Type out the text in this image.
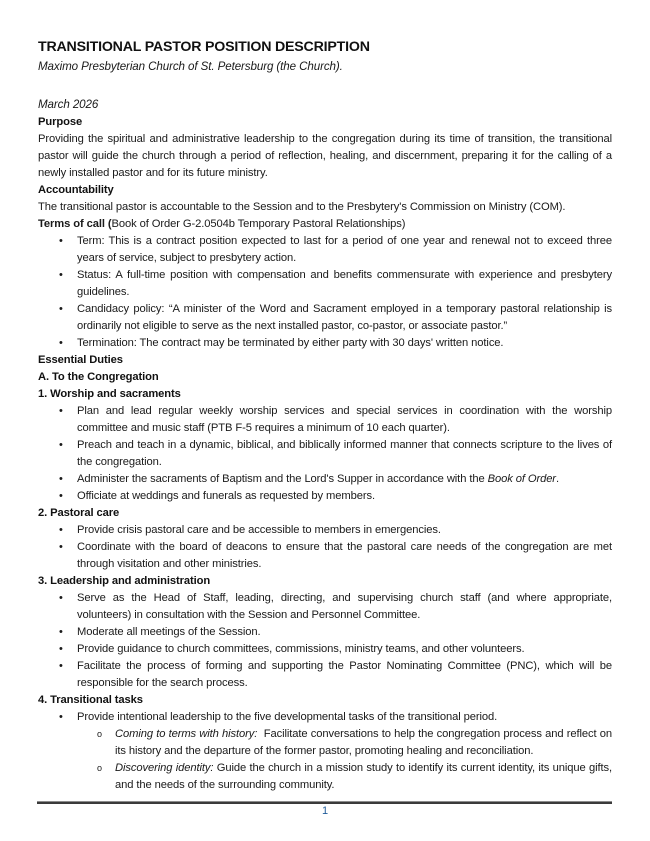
TRANSITIONAL PASTOR POSITION DESCRIPTION

Maximo Presbyterian Church of St. Petersburg (the Church).

March 2026

Purpose

Providing the spiritual and administrative leadership to the congregation during its time of transition, the transitional pastor will guide the church through a period of reflection, healing, and discernment, preparing it for the calling of a newly installed pastor and for its future ministry.

Accountability

The transitional pastor is accountable to the Session and to the Presbytery's Commission on Ministry (COM).

Terms of call (Book of Order G-2.0504b Temporary Pastoral Relationships)

• Term: This is a contract position expected to last for a period of one year and renewal not to exceed three years of service, subject to presbytery action.
• Status: A full-time position with compensation and benefits commensurate with experience and presbytery guidelines.
• Candidacy policy: “A minister of the Word and Sacrament employed in a temporary pastoral relationship is ordinarily not eligible to serve as the next installed pastor, co-pastor, or associate pastor.”
• Termination: The contract may be terminated by either party with 30 days' written notice.

Essential Duties

A. To the Congregation

1. Worship and sacraments

• Plan and lead regular weekly worship services and special services in coordination with the worship committee and music staff (PTB F-5 requires a minimum of 10 each quarter).
• Preach and teach in a dynamic, biblical, and biblically informed manner that connects scripture to the lives of the congregation.
• Administer the sacraments of Baptism and the Lord's Supper in accordance with the Book of Order.
• Officiate at weddings and funerals as requested by members.

2. Pastoral care

• Provide crisis pastoral care and be accessible to members in emergencies.
• Coordinate with the board of deacons to ensure that the pastoral care needs of the congregation are met through visitation and other ministries.

3. Leadership and administration

• Serve as the Head of Staff, leading, directing, and supervising church staff (and where appropriate, volunteers) in consultation with the Session and Personnel Committee.
• Moderate all meetings of the Session.
• Provide guidance to church committees, commissions, ministry teams, and other volunteers.
• Facilitate the process of forming and supporting the Pastor Nominating Committee (PNC), which will be responsible for the search process.

4. Transitional tasks

• Provide intentional leadership to the five developmental tasks of the transitional period.
o Coming to terms with history:  Facilitate conversations to help the congregation process and reflect on its history and the departure of the former pastor, promoting healing and reconciliation.
o Discovering identity: Guide the church in a mission study to identify its current identity, its unique gifts, and the needs of the surrounding community.
1
